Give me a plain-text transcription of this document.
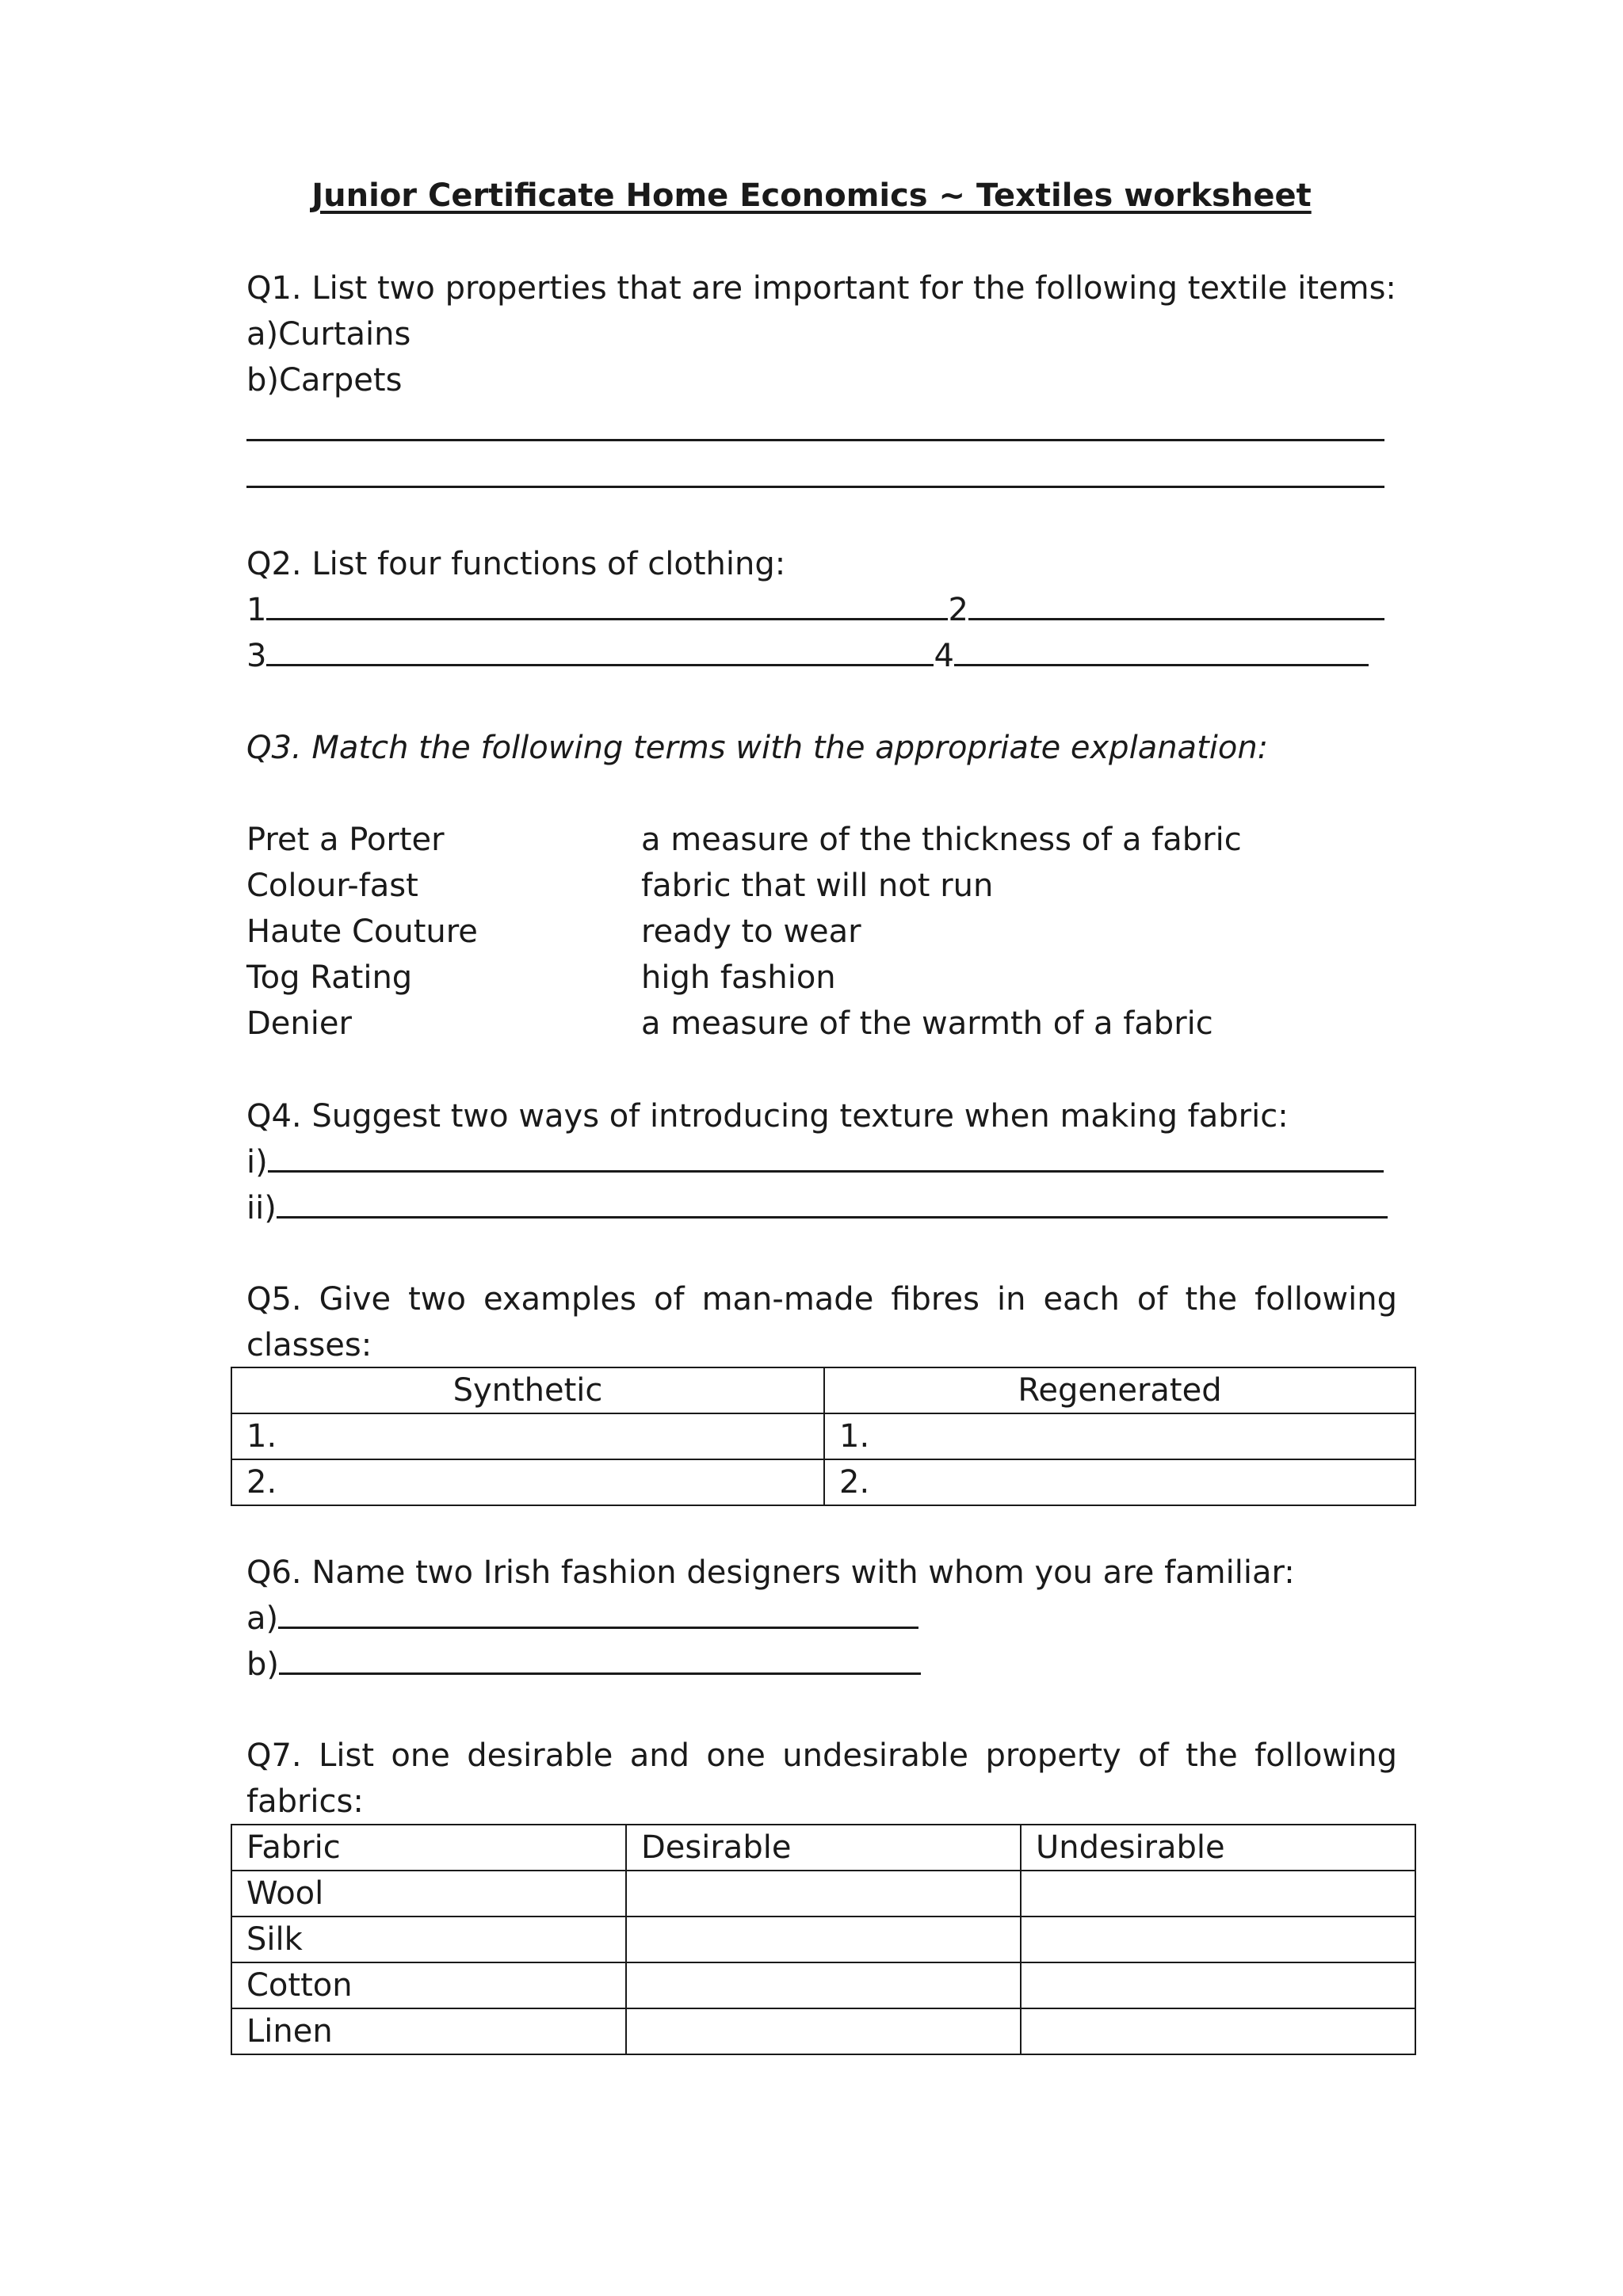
Junior Certificate Home Economics ~ Textiles worksheet
Q1. List two properties that are important for the following textile items:
a)Curtains
b)Carpets
Q2. List four functions of clothing:
1	2
3	4
Q3. Match the following terms with the appropriate explanation:
Pret a Porter	a measure of the thickness of a fabric
Colour-fast	fabric that will not run
Haute Couture	ready to wear
Tog Rating	high fashion
Denier	a measure of the warmth of a fabric
Q4. Suggest two ways of introducing texture when making fabric:
i)
ii)
Q5. Give two examples of man-made fibres in each of the following
classes:
Synthetic	Regenerated
1.	1.
2.	2.
Q6. Name two Irish fashion designers with whom you are familiar:
a)
b)
Q7. List one desirable and one undesirable property of the following
fabrics:
Fabric	Desirable	Undesirable
Wool		
Silk		
Cotton		
Linen		
